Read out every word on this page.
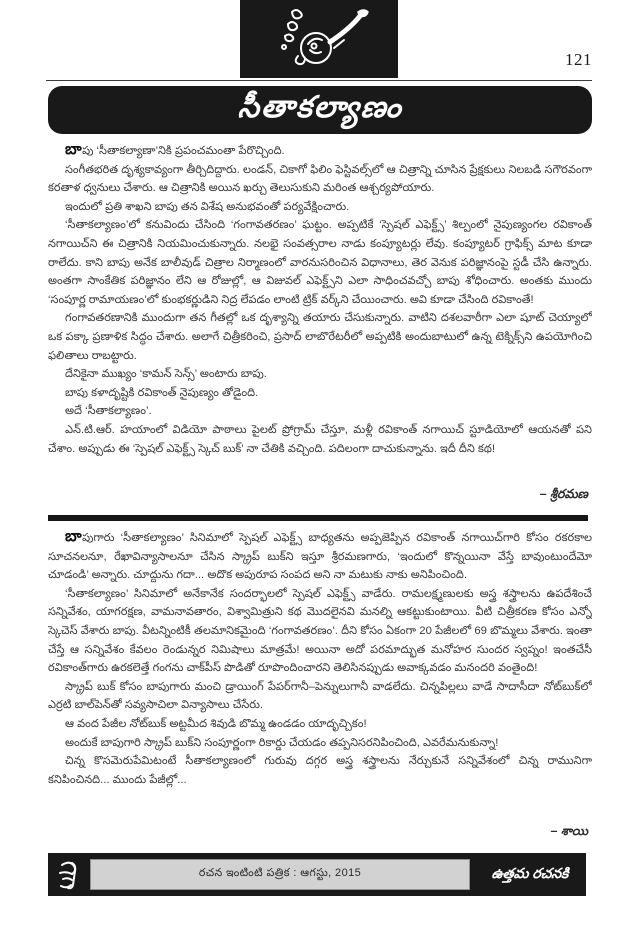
121
సీతాకల్యాణం

బాపు ‘సీతాకల్యాణా’నికి ప్రపంచమంతా పేరొచ్చింది.

సంగీతభరిత దృశ్యకావ్యంగా తీర్చిదిద్దారు. లండన్, చికాగో ఫిలిం ఫెస్టివల్స్‌లో ఆ చిత్రాన్ని చూసిన ప్రేక్షకులు నిలబడి సగౌరవంగా కరతాళ ధ్వనులు చేశారు. ఆ చిత్రానికి అయిన ఖర్చు తెలుసుకుని మరింత ఆశ్చర్యపోయారు.

ఇందులో ప్రతి శాఖని బాపు తన విశేష అనుభవంతో పర్యవేక్షించారు.

‘సీతాకల్యాణం’లో కనువిందు చేసింది ‘గంగావతరణం’ ఘట్టం. అప్పటికే ‘స్పెషల్ ఎఫెక్ట్స్’ శిల్పంలో నైపుణ్యంగల రవికాంత్ నగాయిచ్‌ని ఈ చిత్రానికి నియమించుకున్నారు. నలభై సంవత్సరాల నాడు కంప్యూటర్లు లేవు. కంప్యూటర్ గ్రాఫిక్స్ మాట కూడా రాలేదు. కాని బాపు అనేక బాలీవుడ్ చిత్రాల నిర్మాణంలో వారనుసరించిన విధానాలు, తెర వెనుక పరిజ్ఞానంపై స్టడీ చేసి ఉన్నారు. అంతగా సాంకేతిక పరిజ్ఞానం లేని ఆ రోజుల్లో, ఆ విజువల్ ఎఫెక్ట్స్‌ని ఎలా సాధించవచ్చో బాపు శోధించారు. అంతకు ముందు ‘సంపూర్ణ రామాయణం’లో కుంభకర్ణుడిని నిద్ర లేపడం లాంటి ట్రిక్ వర్క్‌ని చేయించారు. అవి కూడా చేసింది రవికాంతే!

గంగావతరణానికి ముందుగా తన గీతల్లో ఒక దృశ్యాన్ని తయారు చేసుకున్నారు. వాటిని దశలవారీగా ఎలా షూట్ చెయ్యాలో ఒక పక్కా ప్రణాళిక సిద్ధం చేశారు. అలాగే చిత్రీకరించి, ప్రసాద్ లాబొరేటరీలో అప్పటికి అందుబాటులో ఉన్న టెక్నిక్స్‌ని ఉపయోగించి ఫలితాలు రాబట్టారు.

దేనికైనా ముఖ్యం ‘కామన్ సెన్స్’ అంటారు బాపు.

బాపు కళాదృష్టికి రవికాంత్ నైపుణ్యం తోడైంది.

అదే ‘సీతాకల్యాణం’.

ఎన్.టి.ఆర్. హయాంలో విడియో పాఠాలు పైలట్ ప్రోగ్రామ్ చేస్తూ, మళ్లీ రవికాంత్ నగాయిచ్ స్టూడియోలో ఆయనతో పని చేశాం. అప్పుడు ఈ ‘స్పెషల్ ఎఫెక్ట్స్ స్కెచ్ బుక్’ నా చేతికి వచ్చింది. పదిలంగా దాచుకున్నాను. ఇదీ దీని కథ!

– శ్రీరమణ

బాపుగారు ‘సీతాకల్యాణం’ సినిమాలో స్పెషల్ ఎఫెక్ట్స్ బాధ్యతను అప్పజెప్పిన రవికాంత్ నగాయిచ్‌గారి కోసం రకరకాల సూచనలనూ, రేఖావిన్యాసాలనూ చేసిన స్క్రాప్ బుక్‌ని ఇస్తూ శ్రీరమణగారు, ‘ఇందులో కొన్నయినా వేస్తే బావుంటుందేమో చూడండి’ అన్నారు. చూద్దును గదా... అదొక అపురూప సంపద అని నా మటుకు నాకు అనిపించింది.

‘సీతాకల్యాణం’ సినిమాలో అనేకానేక సందర్భాలలో స్పెషల్ ఎఫెక్ట్స్ వాడేరు. రామలక్ష్మణులకు అస్త్ర శస్త్రాలను ఉపదేశించే సన్నివేశం, యాగరక్షణ, వామనావతారం, విశ్వామిత్రుని కథ మొదలైనవి మనల్ని ఆకట్టుకుంటాయి. వీటి చిత్రీకరణ కోసం ఎన్నో స్కెచెస్ వేశారు బాపు. వీటన్నింటికీ తలమానికమైంది ‘గంగావతరణం’. దీని కోసం ఏకంగా 20 పేజీలలో 69 బొమ్మలు వేశారు. ఇంతా చేస్తే ఆ సన్నివేశం కేవలం రెండున్నర నిమిషాలు మాత్రమే! అయినా అదో పరమాద్భుత మనోహర సుందర స్వప్నం! ఇంతచేసీ రవికాంత్‌గారు ఉరకలెత్తే గంగను చాక్‌పీస్ పొడితో రూపొందించారని తెలిసినప్పుడు అవాక్కవడం మనందరి వంతైంది!

స్క్రాప్ బుక్ కోసం బాపుగారు మంచి డ్రాయింగ్ పేపర్‌గానీ–పెన్నులుగానీ వాడలేదు. చిన్నపిల్లలు వాడే సాదాసీదా నోట్‌బుక్‌లో ఎర్రటి బాల్‌పెన్‌తో సవ్యసాచిలా విన్యాసాలు చేసేరు.

ఆ వంద పేజీల నోట్‌బుక్ అట్టమీద శివుడి బొమ్మ ఉండడం యాదృచ్చికం!

అందుకే బాపుగారి స్క్రాప్ బుక్‌ని సంపూర్ణంగా రికార్డు చేయడం తప్పనిసరనిపించింది, ఎవరేమనుకున్నా!

చిన్న కొసమెరుపేమిటంటే సీతాకల్యాణంలో గురువు దగ్గర అస్త్ర శస్త్రాలను నేర్చుకునే సన్నివేశంలో చిన్న రామునిగా కనిపించినది... ముందు పేజీల్లో...

– శాయి
రచన ఇంటింటి పత్రిక : ఆగస్టు, 2015	ఉత్తమ రచనకి
